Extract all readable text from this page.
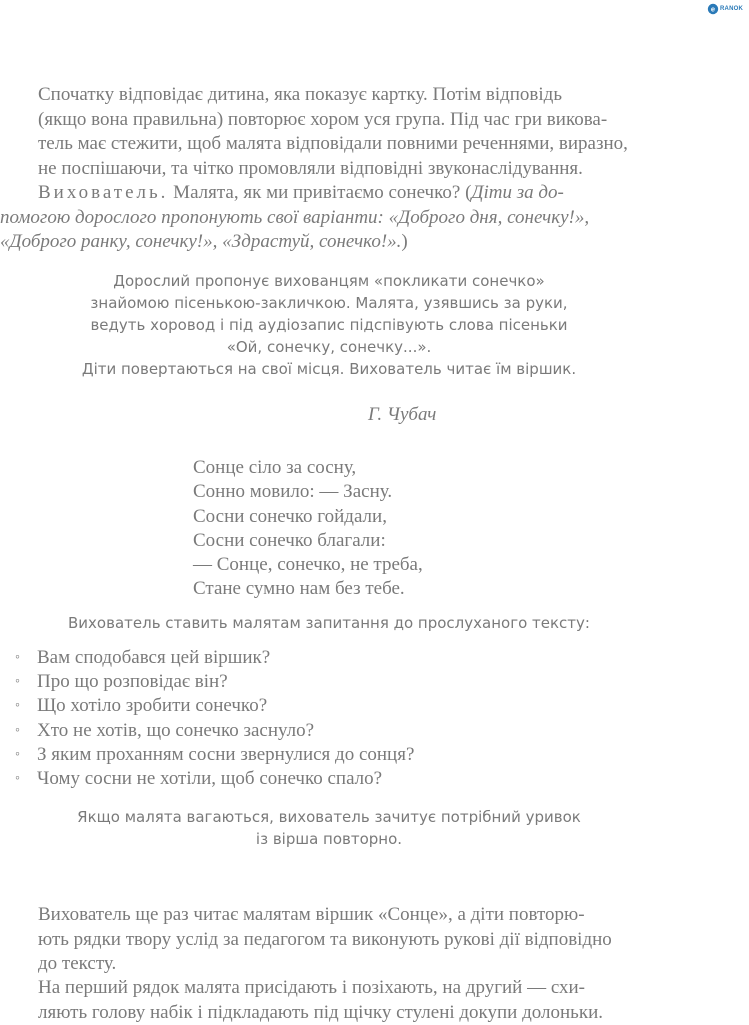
e RANOK

Спочатку відповідає дитина, яка показує картку. Потім відповідь
(якщо вона правильна) повторює хором уся група. Під час гри викова-
тель має стежити, щоб малята відповідали повними реченнями, виразно,
не поспішаючи, та чітко промовляли відповідні звуконаслідування.

Вихователь. Малята, як ми привітаємо сонечко? (Діти за до-
помогою дорослого пропонують свої варіанти: «Доброго дня, сонечку!»,
«Доброго ранку, сонечку!», «Здрастуй, сонечко!».)

Дорослий пропонує вихованцям «покликати сонечко»
знайомою пісенькою-закличкою. Малята, узявшись за руки,
ведуть хоровод і під аудіозапис підспівують слова пісеньки
«Ой, сонечку, сонечку...».
Діти повертаються на свої місця. Вихователь читає їм віршик.

Г. Чубач

Сонце сіло за сосну,
Сонно мовило: — Засну.
Сосни сонечко гойдали,
Сосни сонечко благали:
— Сонце, сонечко, не треба,
Стане сумно нам без тебе.

Вихователь ставить малятам запитання до прослуханого тексту:

◦ Вам сподобався цей віршик?
◦ Про що розповідає він?
◦ Що хотіло зробити сонечко?
◦ Хто не хотів, що сонечко заснуло?
◦ З яким проханням сосни звернулися до сонця?
◦ Чому сосни не хотіли, щоб сонечко спало?
Якщо малята вагаються, вихователь зачитує потрібний уривок
із вірша повторно.

Вихователь ще раз читає малятам віршик «Сонце», а діти повторю-
ють рядки твору услід за педагогом та виконують рукові дії відповідно
до тексту.

На перший рядок малята присідають і позіхають, на другий — схи-
ляють голову набік і підкладають під щічку стулені докупи долоньки.
